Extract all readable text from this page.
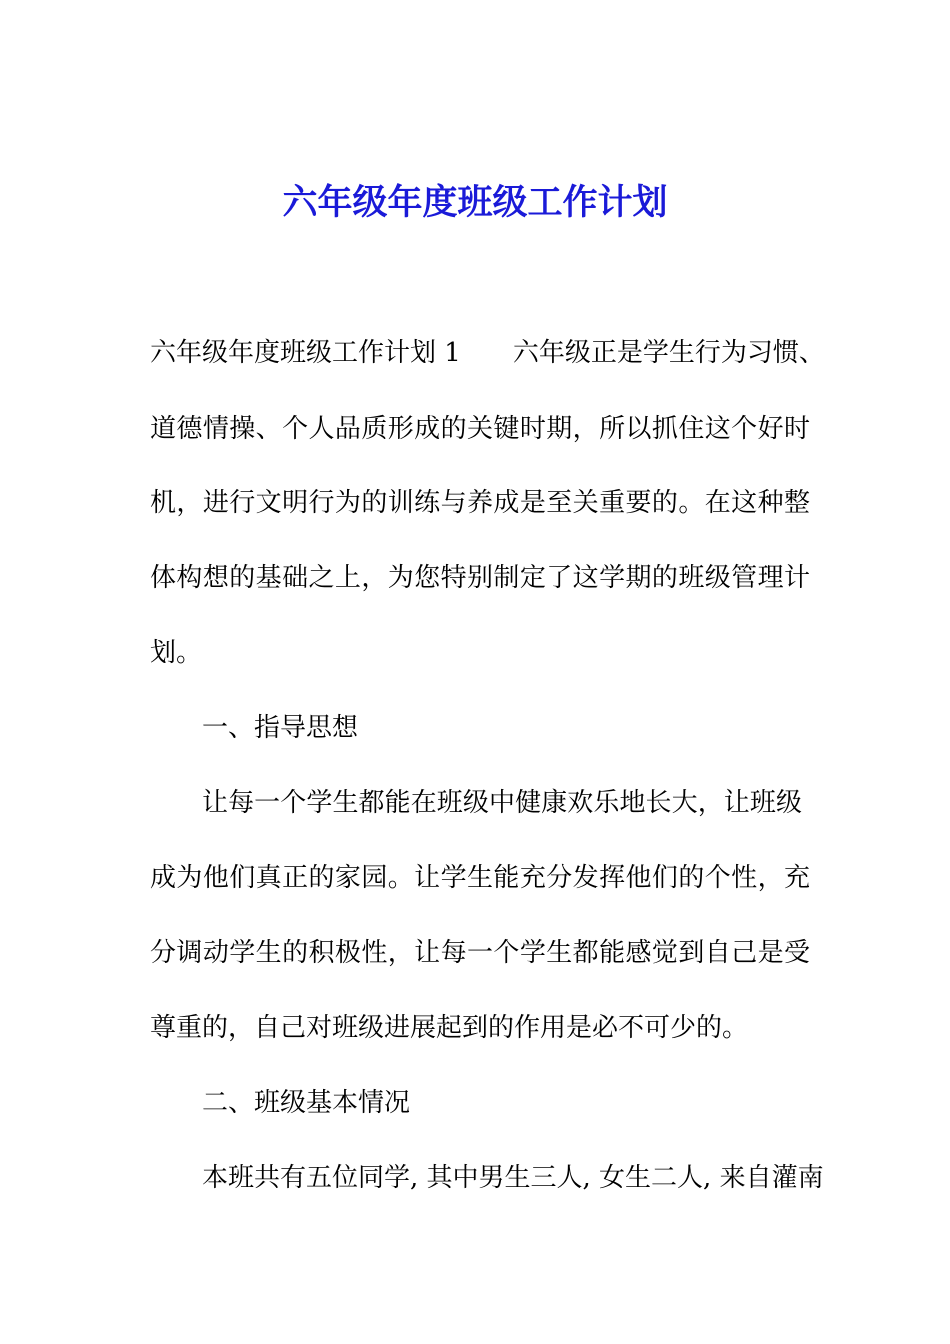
六年级年度班级工作计划
六年级年度班级工作计划 1 六年级正是学生行为习惯、
道德情操、个人品质形成的关键时期，所以抓住这个好时
机，进行文明行为的训练与养成是至关重要的。在这种整
体构想的基础之上，为您特别制定了这学期的班级管理计
划。
一、指导思想
让每一个学生都能在班级中健康欢乐地长大，让班级
成为他们真正的家园。让学生能充分发挥他们的个性，充
分调动学生的积极性，让每一个学生都能感觉到自己是受
尊重的，自己对班级进展起到的作用是必不可少的。
二、班级基本情况
本班共有五位同学, 其中男生三人, 女生二人, 来自灌南
